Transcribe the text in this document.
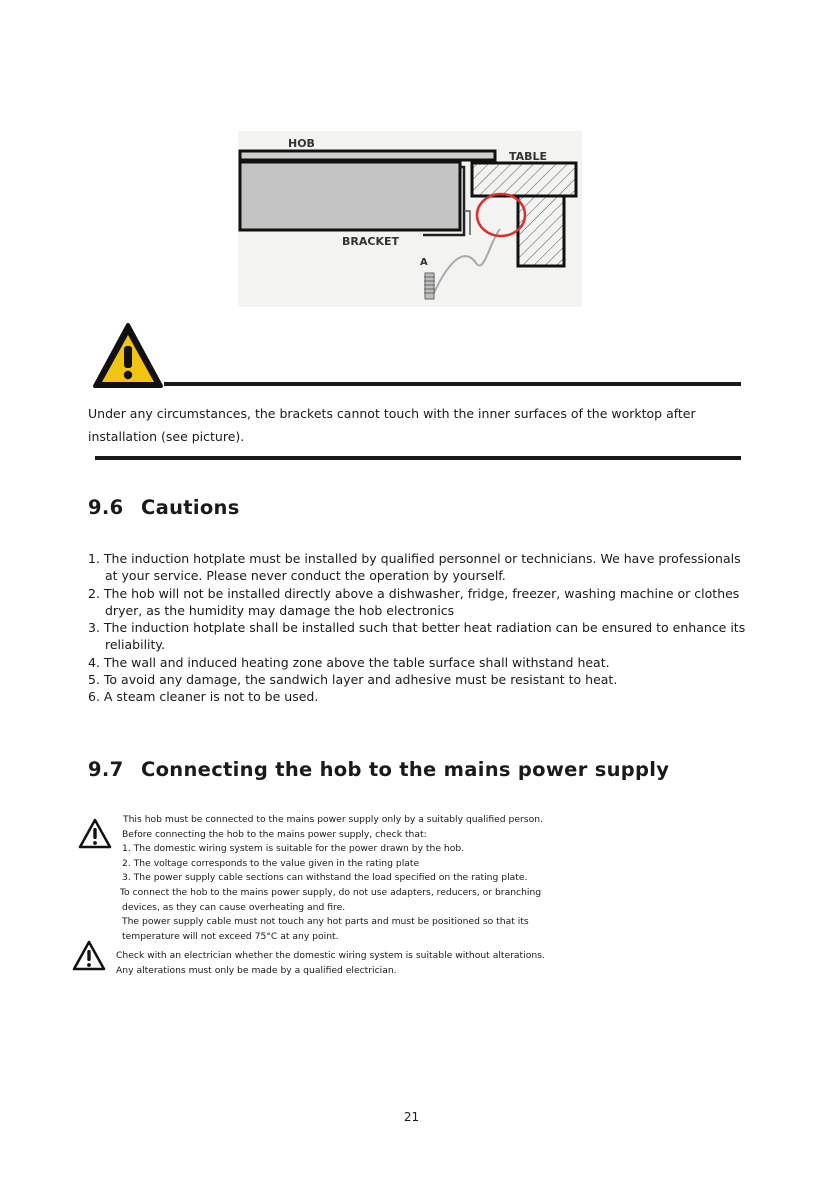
HOB
TABLE
BRACKET
A
Under any circumstances, the brackets cannot touch with the inner surfaces of the worktop after
installation (see picture).
9.6 Cautions
1. The induction hotplate must be installed by qualified personnel or technicians. We have professionals at your service. Please never conduct the operation by yourself.
2. The hob will not be installed directly above a dishwasher, fridge, freezer, washing machine or clothes dryer, as the humidity may damage the hob electronics
3. The induction hotplate shall be installed such that better heat radiation can be ensured to enhance its reliability.
4. The wall and induced heating zone above the table surface shall withstand heat.
5. To avoid any damage, the sandwich layer and adhesive must be resistant to heat.
6. A steam cleaner is not to be used.
9.7 Connecting the hob to the mains power supply
This hob must be connected to the mains power supply only by a suitably qualified person.
Before connecting the hob to the mains power supply, check that:
1. The domestic wiring system is suitable for the power drawn by the hob.
2. The voltage corresponds to the value given in the rating plate
3. The power supply cable sections can withstand the load specified on the rating plate.
To connect the hob to the mains power supply, do not use adapters, reducers, or branching
devices, as they can cause overheating and fire.
The power supply cable must not touch any hot parts and must be positioned so that its
temperature will not exceed 75°C at any point.
Check with an electrician whether the domestic wiring system is suitable without alterations.
Any alterations must only be made by a qualified electrician.
21
